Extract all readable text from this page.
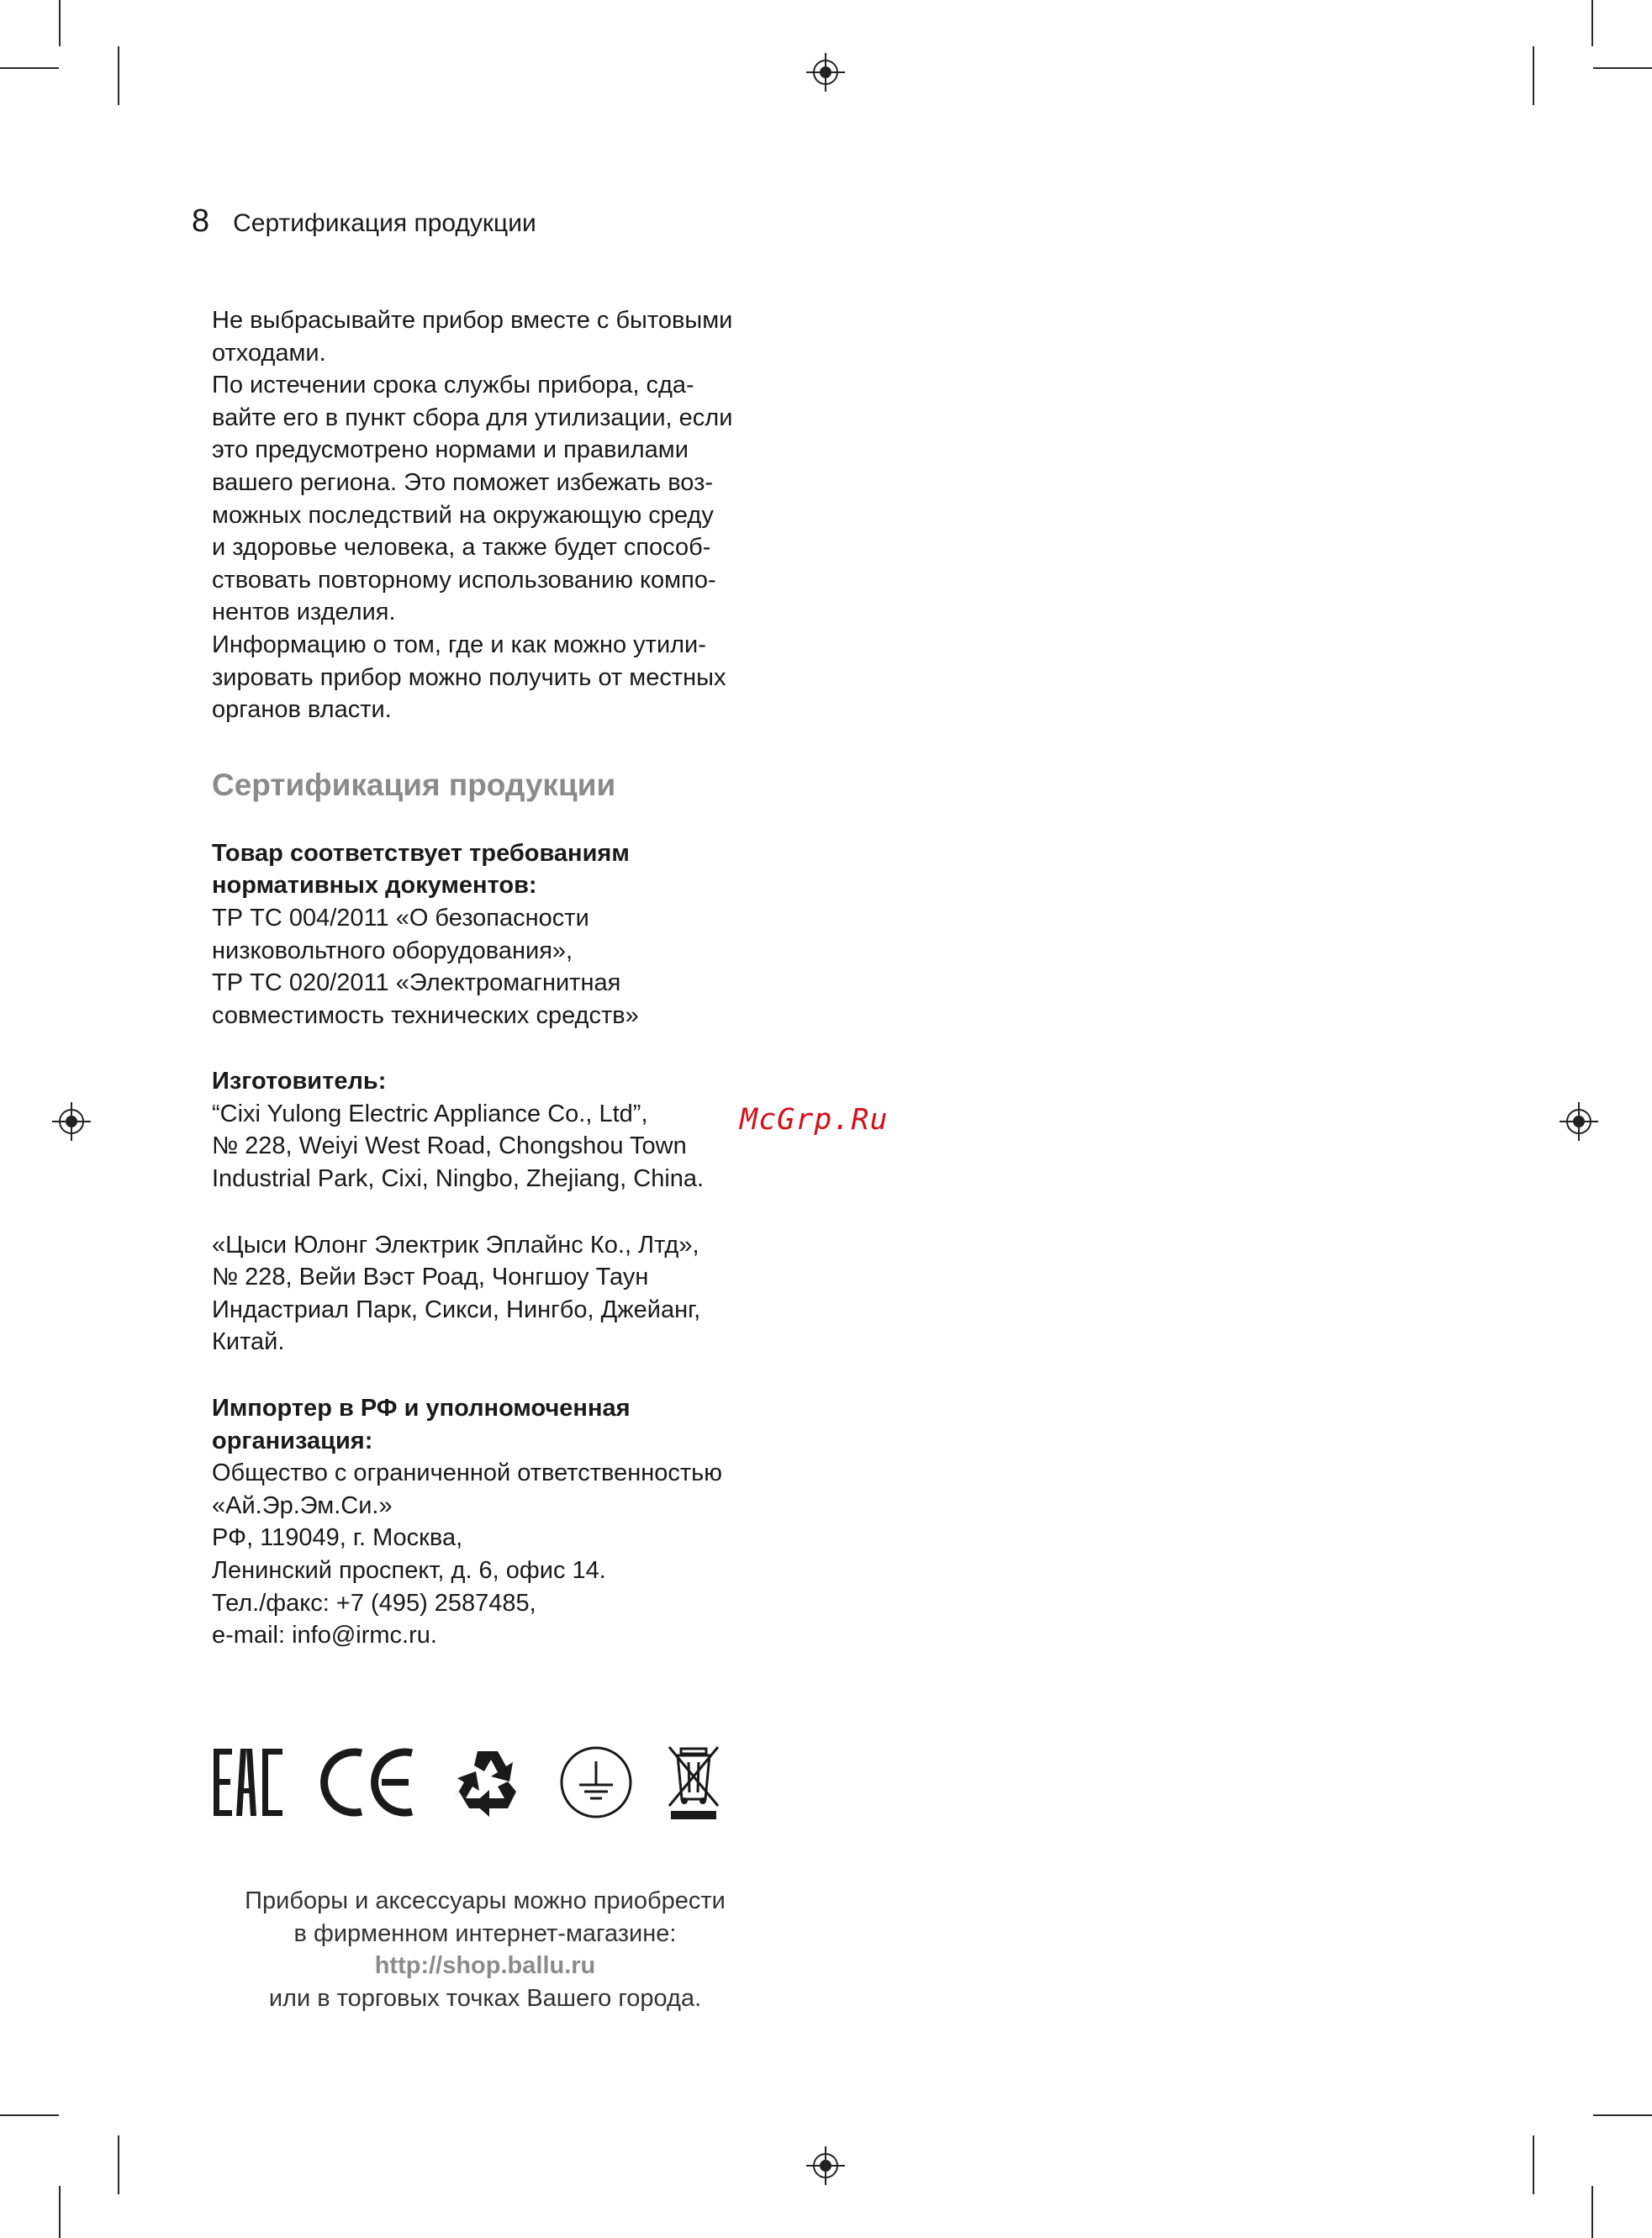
8 Сертификация продукции

Не выбрасывайте прибор вместе с бытовыми

отходами.

По истечении срока службы прибора, сда-

вайте его в пункт сбора для утилизации, если

это предусмотрено нормами и правилами

вашего региона. Это поможет избежать воз-

можных последствий на окружающую среду

и здоровье человека, а также будет способ-

ствовать повторному использованию компо-

нентов изделия.

Информацию о том, где и как можно утили-

зировать прибор можно получить от местных

органов власти.

Сертификация продукции

Товар соответствует требованиям

нормативных документов:

ТР ТС 004/2011 «О безопасности

низковольтного оборудования»,

ТР ТС 020/2011 «Электромагнитная

совместимость технических средств»

Изготовитель:

“Cixi Yulong Electric Appliance Co., Ltd”,

№ 228, Weiyi West Road, Chongshou Town

Industrial Park, Cixi, Ningbo, Zhejiang, China.

«Цыси Юлонг Электрик Эплайнс Ко., Лтд»,

№ 228, Вейи Вэст Роад, Чонгшоу Таун

Индастриал Парк, Сикси, Нингбо, Джейанг,

Китай.

Импортер в РФ и уполномоченная

организация:

Общество с ограниченной ответственностью

«Ай.Эр.Эм.Си.»

РФ, 119049, г. Москва,

Ленинский проспект, д. 6, офис 14.

Тел./факс: +7 (495) 2587485,

e-mail: info@irmc.ru.

McGrp.Ru

Приборы и аксессуары можно приобрести

в фирменном интернет-магазине:

http://shop.ballu.ru

или в торговых точках Вашего города.
